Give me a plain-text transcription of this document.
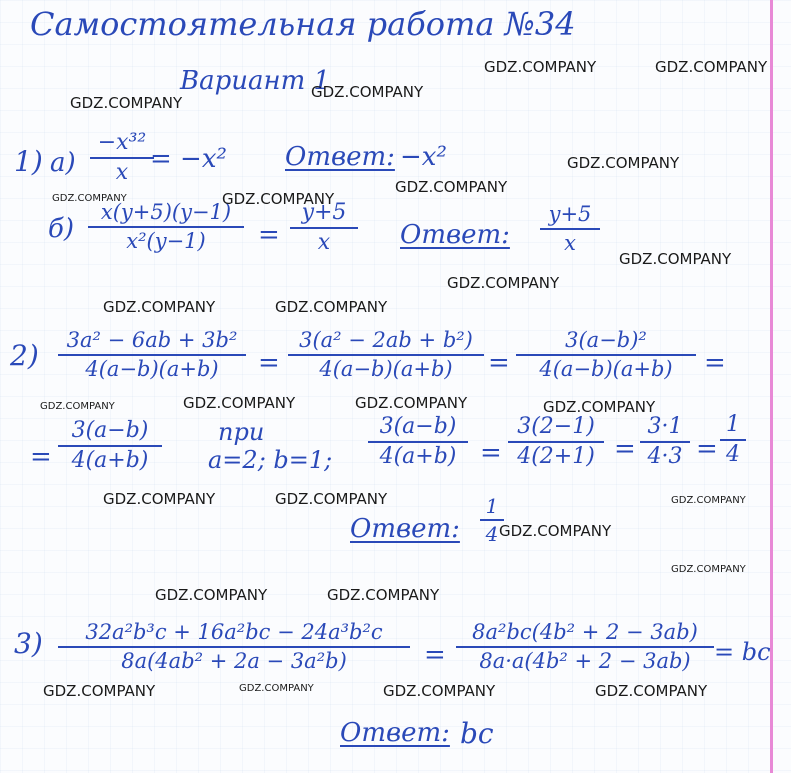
Самостоятельная работа №34
Вариант 1
1) а)
−x³²
x = −x² Ответ: −x²
б)
x(y+5)(y−1)
x²(y−1)	=
y+5
x	Ответ:
y+5
x
2)	3a² − 6ab + 3b²
4(a−b)(a+b)	=
3(a² − 2ab + b²)
4(a−b)(a+b)	=
3(a−b)²
4(a−b)(a+b)	=
=
3(a−b)
4(a+b)
при
a=2; b=1;
3(a−b)
4(a+b) =
3(2−1)
4(2+1) =
3·1
4·3 =
1
4
Ответ:
1
4
3)	32a²b³c + 16a²bc − 24a³b²c
8a(4ab² + 2a − 3a²b)	=
8a²bc(4b² + 2 − 3ab)
8a·a(4b² + 2 − 3ab) = bc
Ответ: bc
GDZ.COMPANY	GDZ.COMPANY
GDZ.COMPANY
GDZ.COMPANY
GDZ.COMPANY
GDZ.COMPANY
GDZ.COMPANY	GDZ.COMPANY
GDZ.COMPANY
GDZ.COMPANY
GDZ.COMPANY	GDZ.COMPANY
GDZ.COMPANY	GDZ.COMPANY	GDZ.COMPANY	GDZ.COMPANY
GDZ.COMPANY	GDZ.COMPANY	GDZ.COMPANY
GDZ.COMPANY
GDZ.COMPANY
GDZ.COMPANY	GDZ.COMPANY
GDZ.COMPANY	GDZ.COMPANY	GDZ.COMPANY	GDZ.COMPANY
